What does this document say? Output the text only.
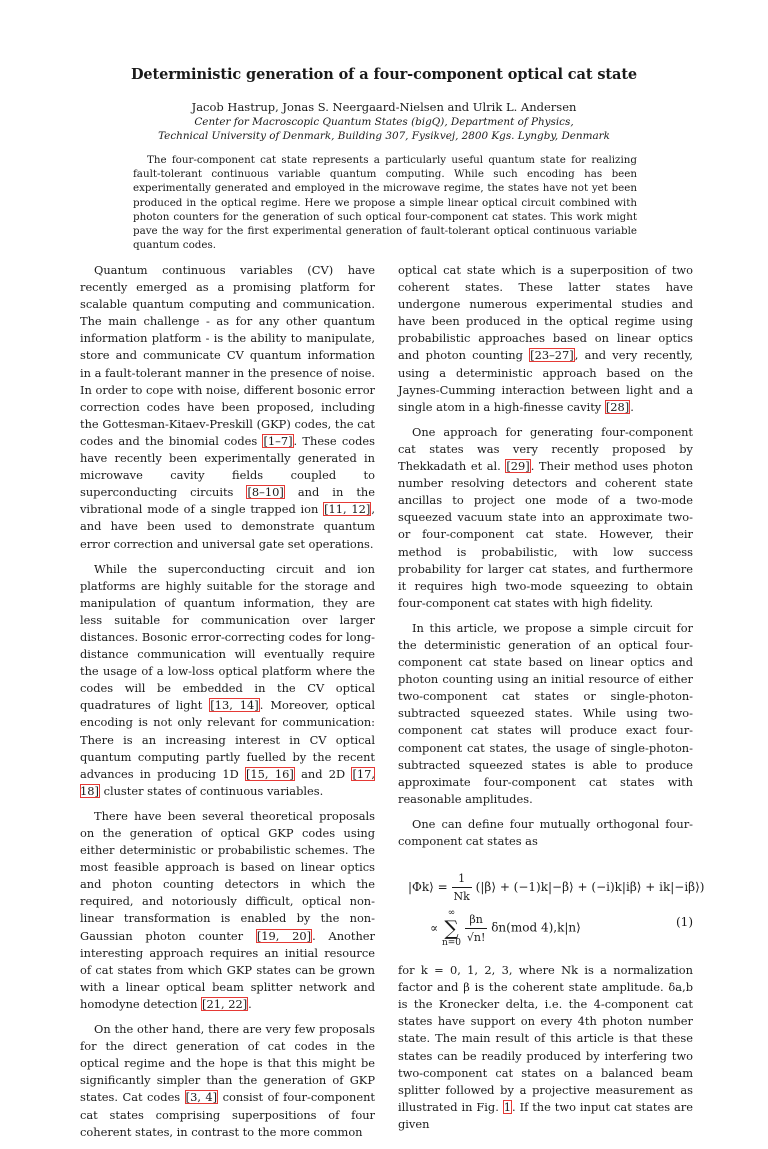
Deterministic generation of a four-component optical cat state
Jacob Hastrup, Jonas S. Neergaard-Nielsen and Ulrik L. Andersen
Center for Macroscopic Quantum States (bigQ), Department of Physics,
Technical University of Denmark, Building 307, Fysikvej, 2800 Kgs. Lyngby, Denmark
The four-component cat state represents a particularly useful quantum state for realizing fault-tolerant continuous variable quantum computing. While such encoding has been experimentally generated and employed in the microwave regime, the states have not yet been produced in the optical regime. Here we propose a simple linear optical circuit combined with photon counters for the generation of such optical four-component cat states. This work might pave the way for the first experimental generation of fault-tolerant optical continuous variable quantum codes.

Quantum continuous variables (CV) have recently emerged as a promising platform for scalable quantum computing and communication. The main challenge - as for any other quantum information platform - is the ability to manipulate, store and communicate CV quantum information in a fault-tolerant manner in the presence of noise. In order to cope with noise, different bosonic error correction codes have been proposed, including the Gottesman-Kitaev-Preskill (GKP) codes, the cat codes and the binomial codes [1–7]. These codes have recently been experimentally generated in microwave cavity fields coupled to superconducting circuits [8–10] and in the vibrational mode of a single trapped ion [11, 12], and have been used to demonstrate quantum error correction and universal gate set operations.

While the superconducting circuit and ion platforms are highly suitable for the storage and manipulation of quantum information, they are less suitable for communication over larger distances. Bosonic error-correcting codes for long-distance communication will eventually require the usage of a low-loss optical platform where the codes will be embedded in the CV optical quadratures of light [13, 14]. Moreover, optical encoding is not only relevant for communication: There is an increasing interest in CV optical quantum computing partly fuelled by the recent advances in producing 1D [15, 16] and 2D [17, 18] cluster states of continuous variables.

There have been several theoretical proposals on the generation of optical GKP codes using either deterministic or probabilistic schemes. The most feasible approach is based on linear optics and photon counting detectors in which the required, and notoriously difficult, optical non-linear transformation is enabled by the non-Gaussian photon counter [19, 20]. Another interesting approach requires an initial resource of cat states from which GKP states can be grown with a linear optical beam splitter network and homodyne detection [21, 22].

On the other hand, there are very few proposals for the direct generation of cat codes in the optical regime and the hope is that this might be significantly simpler than the generation of GKP states. Cat codes [3, 4] consist of four-component cat states comprising superpositions of four coherent states, in contrast to the more common

optical cat state which is a superposition of two coherent states. These latter states have undergone numerous experimental studies and have been produced in the optical regime using probabilistic approaches based on linear optics and photon counting [23–27], and very recently, using a deterministic approach based on the Jaynes-Cumming interaction between light and a single atom in a high-finesse cavity [28].

One approach for generating four-component cat states was very recently proposed by Thekkadath et al. [29]. Their method uses photon number resolving detectors and coherent state ancillas to project one mode of a two-mode squeezed vacuum state into an approximate two- or four-component cat state. However, their method is probabilistic, with low success probability for larger cat states, and furthermore it requires high two-mode squeezing to obtain four-component cat states with high fidelity.

In this article, we propose a simple circuit for the deterministic generation of an optical four-component cat state based on linear optics and photon counting using an initial resource of either two-component cat states or single-photon-subtracted squeezed states. While using two-component cat states will produce exact four-component cat states, the usage of single-photon-subtracted squeezed states is able to produce approximate four-component cat states with reasonable amplitudes.

One can define four mutually orthogonal four-component cat states as

|Φk⟩ = $\frac{1}{Nk}$ (|β⟩ + (−1)k|−β⟩ + (−i)k|iβ⟩ + ik|−iβ⟩)
∝ ∞
∑
$n=0 \frac{\beta n}{√n!} \delta n(mod$ 4),k|n⟩	(1)

for k = 0, 1, 2, 3, where Nk is a normalization factor and β is the coherent state amplitude. δa,b is the Kronecker delta, i.e. the 4-component cat states have support on every 4th photon number state. The main result of this article is that these states can be readily produced by interfering two two-component cat states on a balanced beam splitter followed by a projective measurement as illustrated in Fig. 1. If the two input cat states are given
